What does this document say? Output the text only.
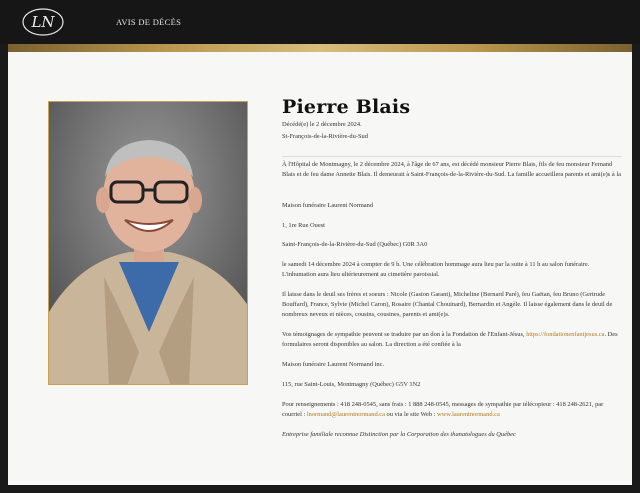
LN	AVIS DE DÉCÈS
Pierre Blais
Décédé(e) le 2 décembre 2024.
St-François-de-la-Rivière-du-Sud
À l'Hôpital de Montmagny, le 2 décembre 2024, à l'âge de 67 ans, est décédé monsieur Pierre Blais, fils de feu monsieur Fernand Blais et de feu dame Annette Blais. Il demeurait à Saint-François-de-la-Rivière-du-Sud. La famille accueillera parents et ami(e)s à la
Maison funéraire Laurent Normand
1, 1re Rue Ouest
Saint-François-de-la-Rivière-du-Sud (Québec) G0R 3A0
le samedi 14 décembre 2024 à compter de 9 h. Une célébration hommage aura lieu par la suite à 11 h au salon funéraire. L'inhumation aura lieu ultérieurement au cimetière paroissial.
Il laisse dans le deuil ses frères et soeurs : Nicole (Gaston Garant), Micheline (Bernard Paré), feu Gaëtan, feu Bruno (Gertrude Bouffard), France, Sylvie (Michel Caron), Rosaire (Chantal Chouinard), Bernardin et Angèle. Il laisse également dans le deuil de nombreux neveux et nièces, cousins, cousines, parents et ami(e)s.
Vos témoignages de sympathie peuvent se traduire par un don à la Fondation de l'Enfant-Jésus, https://fondationenfantjesus.ca. Des formulaires seront disponibles au salon. La direction a été confiée à la
Maison funéraire Laurent Normand inc.
115, rue Saint-Louis, Montmagny (Québec) G5V 1N2
Pour renseignements : 418 248-0545, sans frais : 1 888 248-0545, messages de sympathie par télécopieur : 418 248-2621, par courriel : lnormand@laurentnormand.ca ou via le site Web : www.laurentnormand.ca
Entreprise familiale reconnue Distinction par la Corporation des thanatologues du Québec
